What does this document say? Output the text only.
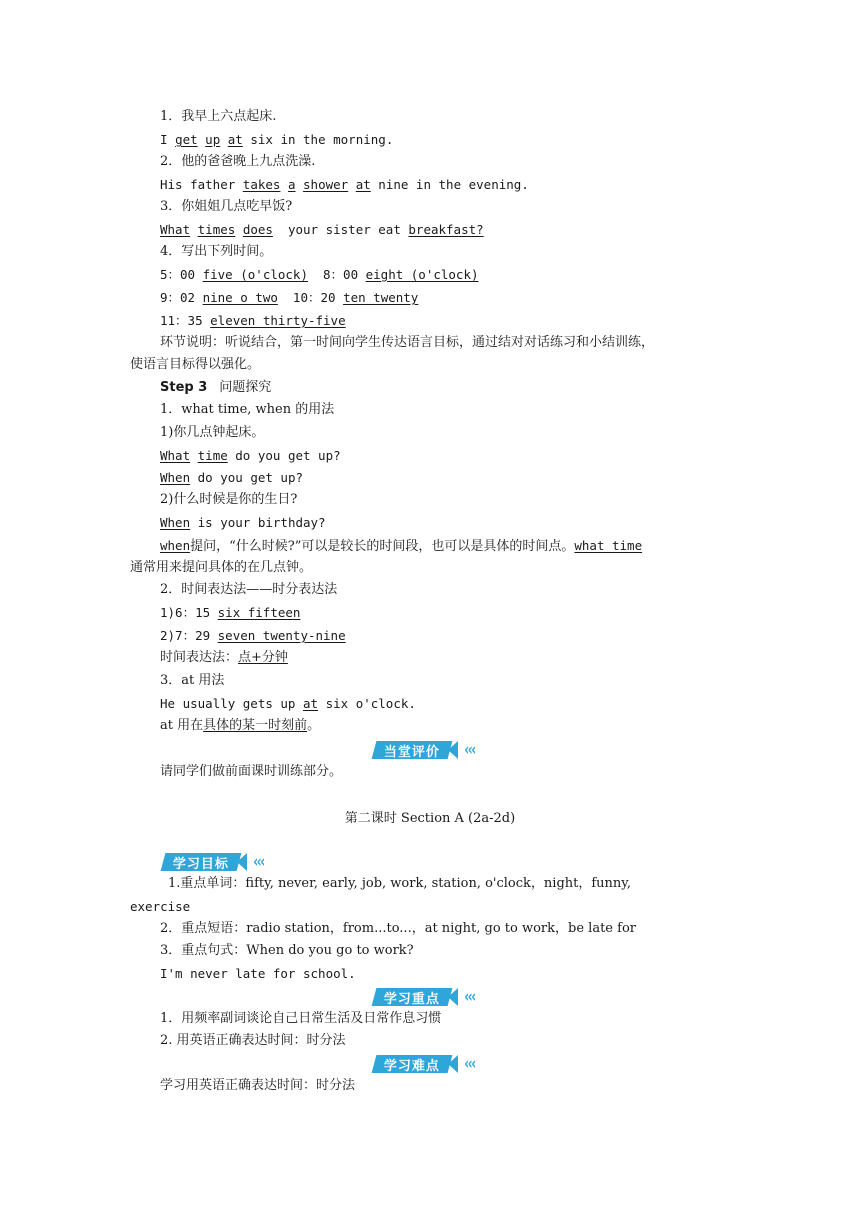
1．我早上六点起床.
I get up at six in the morning.
2．他的爸爸晚上九点洗澡.
His father takes a shower at nine in the evening.
3．你姐姐几点吃早饭?
What times does  your sister eat breakfast?
4．写出下列时间。
5：00 five (o'clock)  8：00 eight (o'clock)
9：02 nine o two  10：20 ten twenty
11：35 eleven thirty-five
环节说明：听说结合，第一时间向学生传达语言目标，通过结对对话练习和小结训练，
使语言目标得以强化。
Step 3 问题探究
1．what time, when 的用法
1)你几点钟起床。
What time do you get up?
When do you get up?
2)什么时候是你的生日?
When is your birthday?
when提问，“什么时候?”可以是较长的时间段，也可以是具体的时间点。what time
通常用来提问具体的在几点钟。
2．时间表达法——时分表达法
1)6：15 six fifteen
2)7：29 seven twenty-nine
时间表达法：点+分钟
3．at 用法
He usually gets up at six o'clock.
at 用在具体的某一时刻前。
当堂评价 ‹‹‹
请同学们做前面课时训练部分。
第二课时 Section A (2a-2d)
学习目标 ‹‹‹
1.重点单词：fifty, never, early, job, work, station, o'clock，night，funny,
exercise
2．重点短语：radio station，from...to...，at night, go to work，be late for
3．重点句式：When do you go to work?
I'm never late for school.
学习重点 ‹‹‹
1．用频率副词谈论自己日常生活及日常作息习惯
2. 用英语正确表达时间：时分法
学习难点 ‹‹‹
学习用英语正确表达时间：时分法
